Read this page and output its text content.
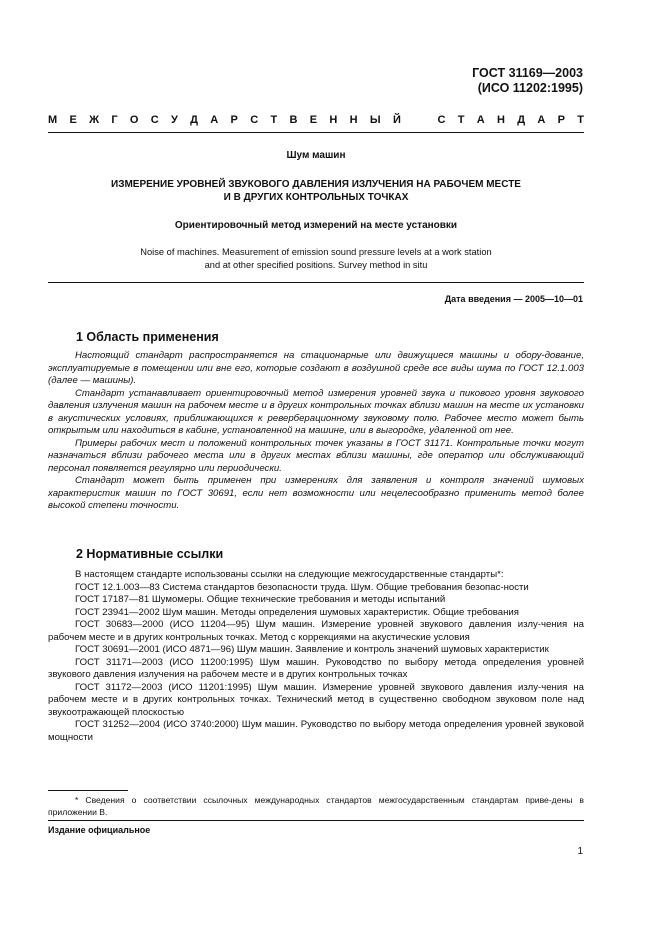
ГОСТ 31169—2003
(ИСО 11202:1995)
М Е Ж Г О С У Д А Р С Т В Е Н Н Ы Й	С Т А Н Д А Р Т
Шум машин
ИЗМЕРЕНИЕ УРОВНЕЙ ЗВУКОВОГО ДАВЛЕНИЯ ИЗЛУЧЕНИЯ НА РАБОЧЕМ МЕСТЕ
И В ДРУГИХ КОНТРОЛЬНЫХ ТОЧКАХ
Ориентировочный метод измерений на месте установки
Noise of machines. Measurement of emission sound pressure levels at a work station
and at other specified positions. Survey method in situ
Дата введения — 2005—10—01
1 Область применения

Настоящий стандарт распространяется на стационарные или движущиеся машины и обору-дование, эксплуатируемые в помещении или вне его, которые создают в воздушной среде все виды шума по ГОСТ 12.1.003 (далее — машины).

Стандарт устанавливает ориентировочный метод измерения уровней звука и пикового уровня звукового давления излучения машин на рабочем месте и в других контрольных точках вблизи машин на месте их установки в акустических условиях, приближающихся к реверберационному звуковому полю. Рабочее место может быть открытым или находиться в кабине, установленной на машине, или в выгородке, удаленной от нее.

Примеры рабочих мест и положений контрольных точек указаны в ГОСТ 31171. Контрольные точки могут назначаться вблизи рабочего места или в других местах вблизи машины, где оператор или обслуживающий персонал появляется регулярно или периодически.

Стандарт может быть применен при измерениях для заявления и контроля значений шумовых характеристик машин по ГОСТ 30691, если нет возможности или нецелесообразно применить метод более высокой степени точности.

2 Нормативные ссылки

В настоящем стандарте использованы ссылки на следующие межгосударственные стандарты*:

ГОСТ 12.1.003—83 Система стандартов безопасности труда. Шум. Общие требования безопас-ности

ГОСТ 17187—81 Шумомеры. Общие технические требования и методы испытаний

ГОСТ 23941—2002 Шум машин. Методы определения шумовых характеристик. Общие требования

ГОСТ 30683—2000 (ИСО 11204—95) Шум машин. Измерение уровней звукового давления излу-чения на рабочем месте и в других контрольных точках. Метод с коррекциями на акустические условия

ГОСТ 30691—2001 (ИСО 4871—96) Шум машин. Заявление и контроль значений шумовых характеристик

ГОСТ 31171—2003 (ИСО 11200:1995) Шум машин. Руководство по выбору метода определения уровней звукового давления излучения на рабочем месте и в других контрольных точках

ГОСТ 31172—2003 (ИСО 11201:1995) Шум машин. Измерение уровней звукового давления излу-чения на рабочем месте и в других контрольных точках. Технический метод в существенно свободном звуковом поле над звукоотражающей плоскостью

ГОСТ 31252—2004 (ИСО 3740:2000) Шум машин. Руководство по выбору метода определения уровней звуковой мощности

* Сведения о соответствии ссылочных международных стандартов межгосударственным стандартам приве-дены в приложении В.

Издание официальное
1
